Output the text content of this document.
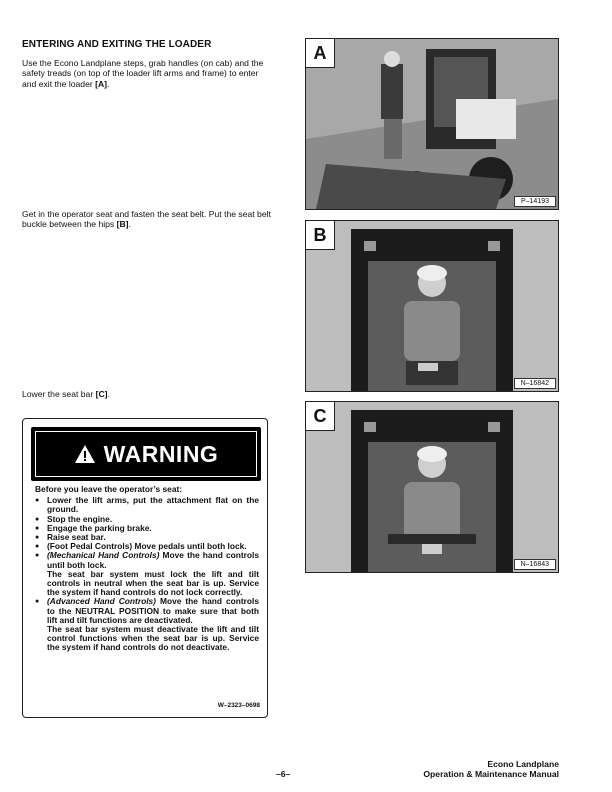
ENTERING AND EXITING THE LOADER
Use the Econo Landplane steps, grab handles (on cab) and the safety treads (on top of the loader lift arms and frame) to enter and exit the loader [A].
Get in the operator seat and fasten the seat belt. Put the seat belt buckle between the hips [B].
Lower the seat bar [C].
A
P–14193
B
N–16842
C
N–16843
WARNING
Before you leave the operator’s seat:
● Lower the lift arms, put the attachment flat on the ground.
● Stop the engine.
● Engage the parking brake.
● Raise seat bar.
● (Foot Pedal Controls) Move pedals until both lock.
● (Mechanical Hand Controls) Move the hand controls until both lock.
The seat bar system must lock the lift and tilt controls in neutral when the seat bar is up. Service the system if hand controls do not lock correctly.
● (Advanced Hand Controls) Move the hand controls to the NEUTRAL POSITION to make sure that both lift and tilt functions are deactivated.
The seat bar system must deactivate the lift and tilt control functions when the seat bar is up. Service the system if hand controls do not deactivate.
W–2323–0698
–6–
Econo Landplane
Operation & Maintenance Manual
